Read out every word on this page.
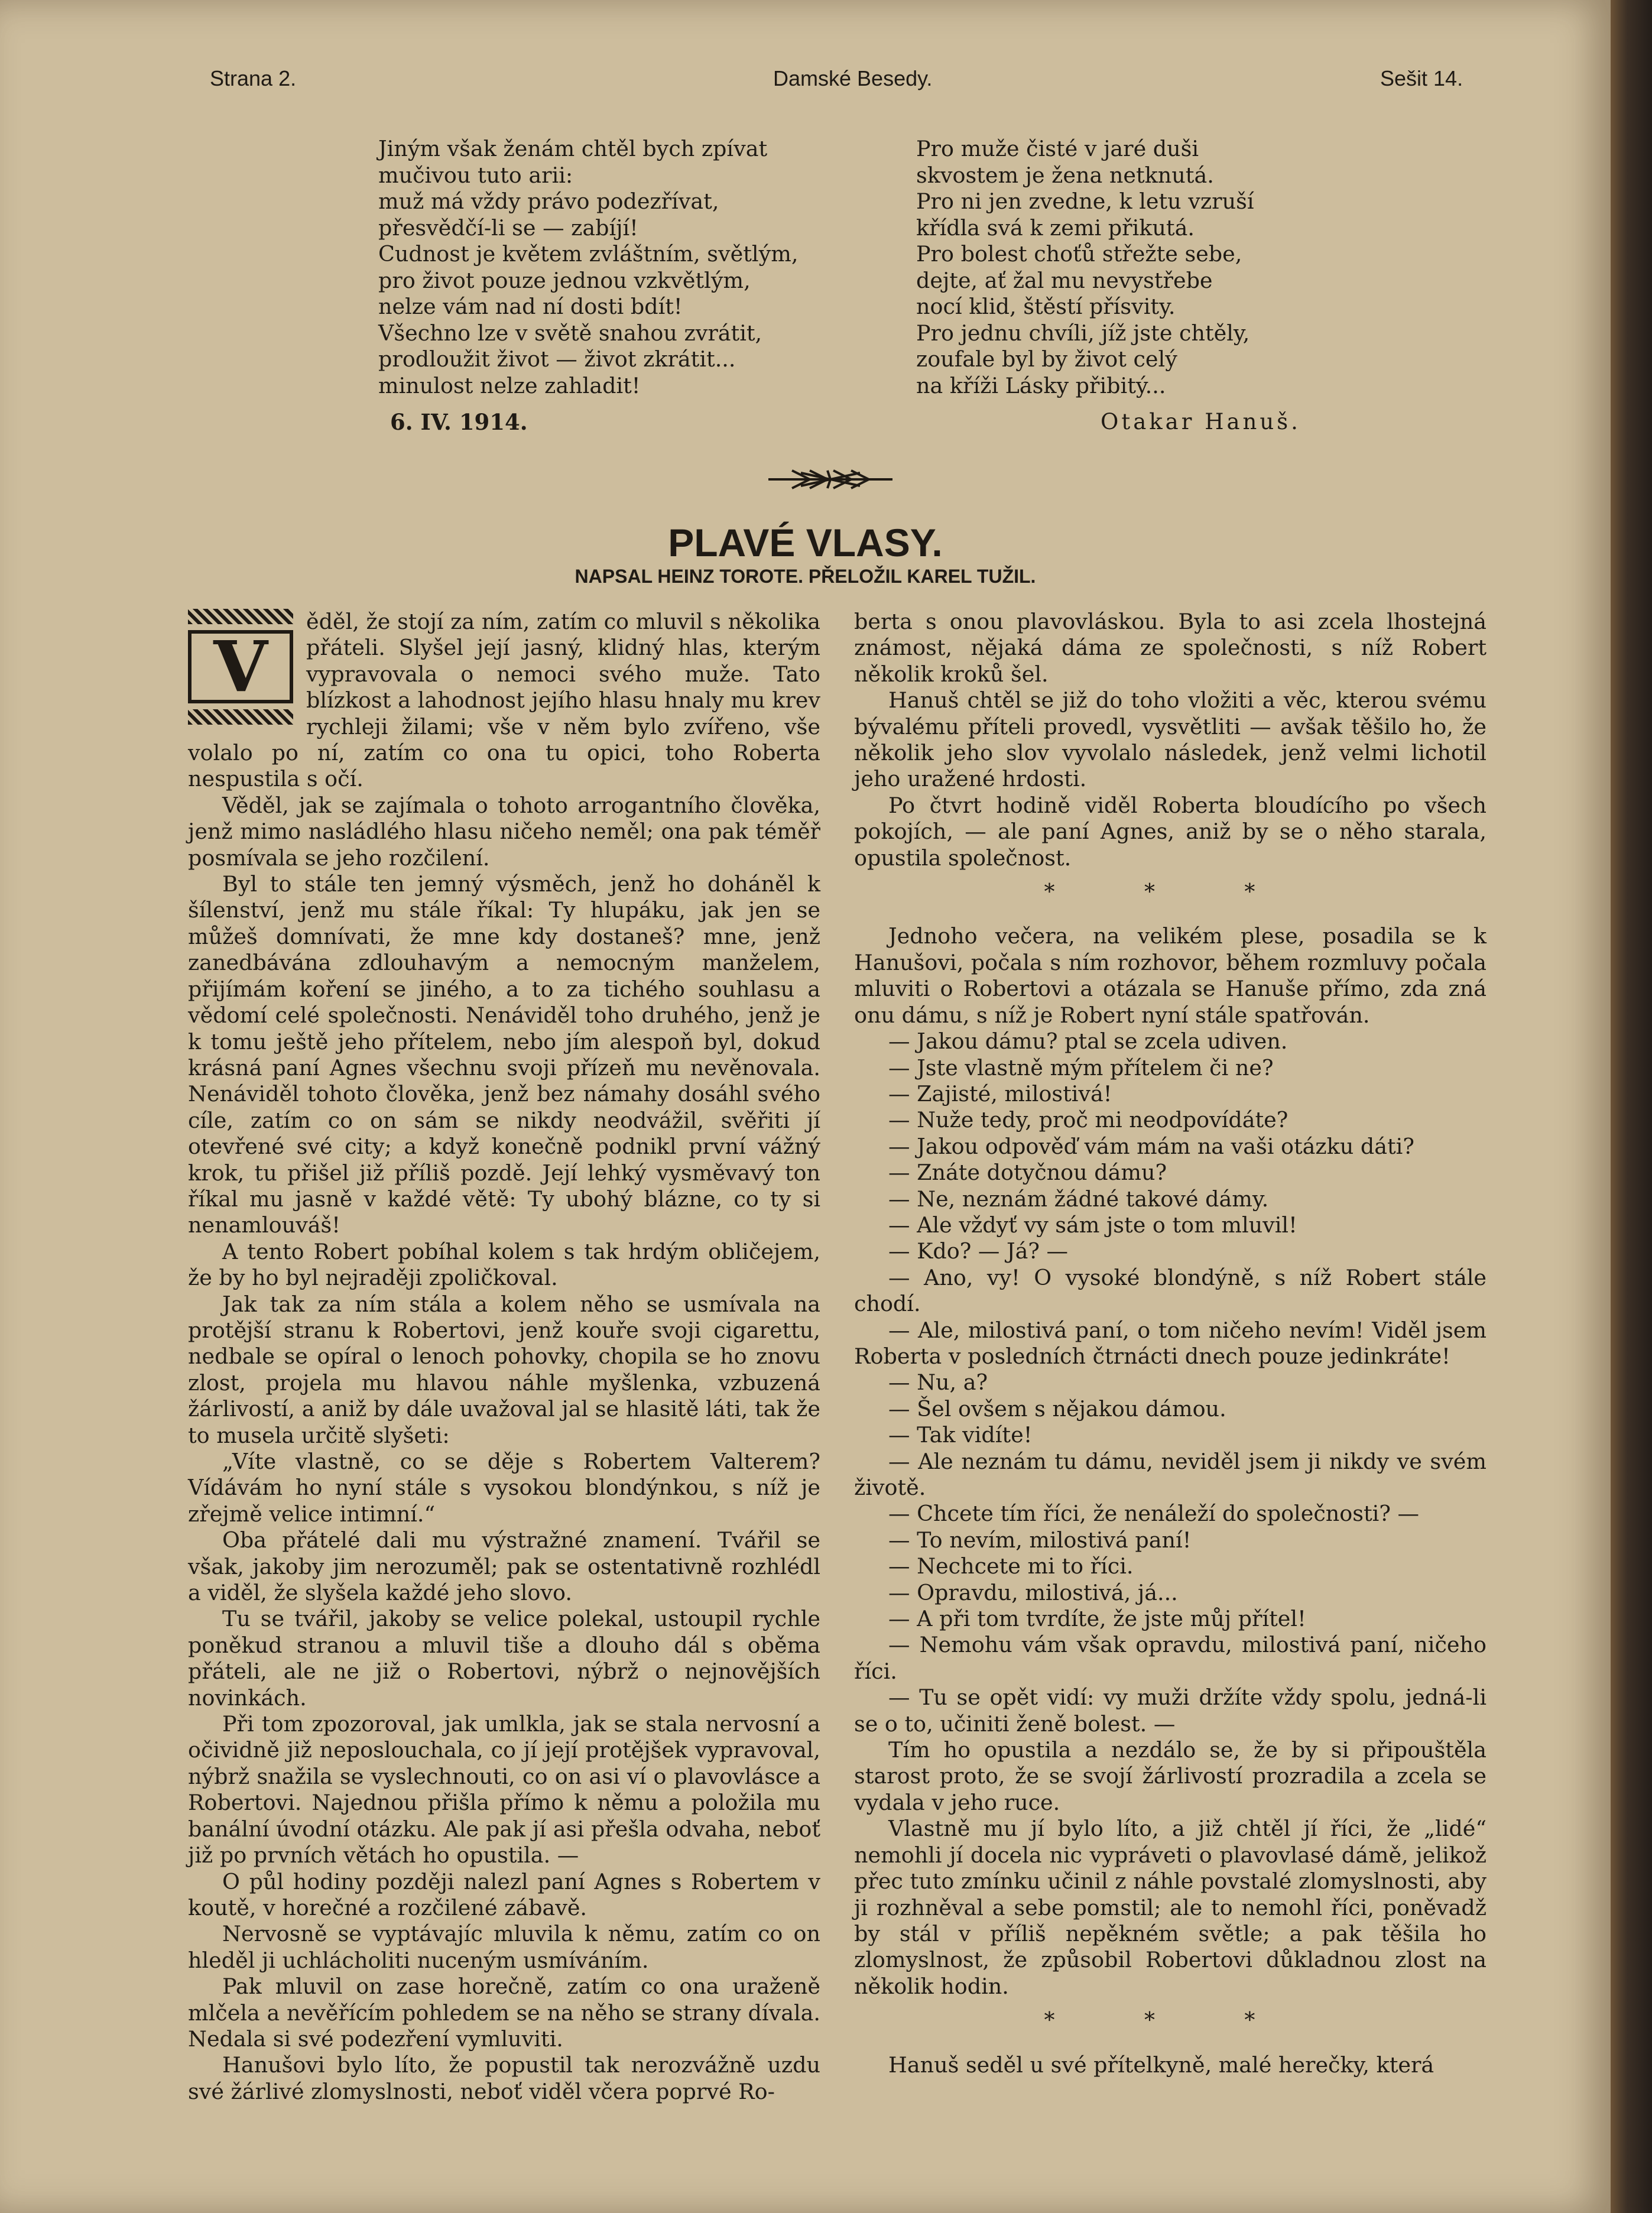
Strana 2.	Damské Besedy.	Sešit 14.
Jiným však ženám chtěl bych zpívat
mučivou tuto arii:
muž má vždy právo podezřívat,
přesvědčí-li se — zabíjí!
Cudnost je květem zvláštním, světlým,
pro život pouze jednou vzkvětlým,
nelze vám nad ní dosti bdít!
Všechno lze v světě snahou zvrátit,
prodloužit život — život zkrátit...
minulost nelze zahladit!
Pro muže čisté v jaré duši
skvostem je žena netknutá.
Pro ni jen zvedne, k letu vzruší
křídla svá k zemi přikutá.
Pro bolest choťů střežte sebe,
dejte, ať žal mu nevystřebe
nocí klid, štěstí přísvity.
Pro jednu chvíli, jíž jste chtěly,
zoufale byl by život celý
na kříži Lásky přibitý...
6. IV. 1914.	Otakar Hanuš.
PLAVÉ VLASY.
NAPSAL HEINZ TOROTE. PŘELOŽIL KAREL TUŽIL.
V

ěděl, že stojí za ním, zatím co mluvil s několika přáteli. Slyšel její jasný, klidný hlas, kterým vypravovala o nemoci svého muže. Tato blízkost a lahodnost jejího hlasu hnaly mu krev rychleji žilami; vše v něm bylo zvířeno, vše volalo po ní, zatím co ona tu opici, toho Roberta nespustila s očí.

Věděl, jak se zajímala o tohoto arrogantního člověka, jenž mimo nasládlého hlasu ničeho neměl; ona pak téměř posmívala se jeho rozčilení.

Byl to stále ten jemný výsměch, jenž ho doháněl k šílenství, jenž mu stále říkal: Ty hlupáku, jak jen se můžeš domnívati, že mne kdy dostaneš? mne, jenž zanedbávána zdlouhavým a nemocným manželem, přijímám koření se jiného, a to za tichého souhlasu a vědomí celé společnosti. Nenáviděl toho druhého, jenž je k tomu ještě jeho přítelem, nebo jím alespoň byl, dokud krásná paní Agnes všechnu svoji přízeň mu nevěnovala. Nenáviděl tohoto člověka, jenž bez námahy dosáhl svého cíle, zatím co on sám se nikdy neodvážil, svěřiti jí otevřené své city; a když konečně podnikl první vážný krok, tu přišel již příliš pozdě. Její lehký vysměvavý ton říkal mu jasně v každé větě: Ty ubohý blázne, co ty si nenamlouváš!

A tento Robert pobíhal kolem s tak hrdým obličejem, že by ho byl nejraději zpoličkoval.

Jak tak za ním stála a kolem něho se usmívala na protější stranu k Robertovi, jenž kouře svoji cigarettu, nedbale se opíral o lenoch pohovky, chopila se ho znovu zlost, projela mu hlavou náhle myšlenka, vzbuzená žárlivostí, a aniž by dále uvažoval jal se hlasitě láti, tak že to musela určitě slyšeti:

„Víte vlastně, co se děje s Robertem Valterem? Vídávám ho nyní stále s vysokou blondýnkou, s níž je zřejmě velice intimní.“

Oba přátelé dali mu výstražné znamení. Tvářil se však, jakoby jim nerozuměl; pak se ostentativně rozhlédl a viděl, že slyšela každé jeho slovo.

Tu se tvářil, jakoby se velice polekal, ustoupil rychle poněkud stranou a mluvil tiše a dlouho dál s oběma přáteli, ale ne již o Robertovi, nýbrž o nejnovějších novinkách.

Při tom zpozoroval, jak umlkla, jak se stala nervosní a očividně již neposlouchala, co jí její protějšek vypravoval, nýbrž snažila se vyslechnouti, co on asi ví o plavovlásce a Robertovi. Najednou přišla přímo k němu a položila mu banální úvodní otázku. Ale pak jí asi přešla odvaha, neboť již po prvních větách ho opustila. —

O půl hodiny později nalezl paní Agnes s Robertem v koutě, v horečné a rozčilené zábavě.

Nervosně se vyptávajíc mluvila k němu, zatím co on hleděl ji uchlácholiti nuceným usmíváním.

Pak mluvil on zase horečně, zatím co ona uraženě mlčela a nevěřícím pohledem se na něho se strany dívala. Nedala si své podezření vymluviti.

Hanušovi bylo líto, že popustil tak nerozvážně uzdu své žárlivé zlomyslnosti, neboť viděl včera poprvé Ro-

berta s onou plavovláskou. Byla to asi zcela lhostejná známost, nějaká dáma ze společnosti, s níž Robert několik kroků šel.

Hanuš chtěl se již do toho vložiti a věc, kterou svému bývalému příteli provedl, vysvětliti — avšak těšilo ho, že několik jeho slov vyvolalo následek, jenž velmi lichotil jeho uražené hrdosti.

Po čtvrt hodině viděl Roberta bloudícího po všech pokojích, — ale paní Agnes, aniž by se o něho starala, opustila společnost.

* * *

Jednoho večera, na velikém plese, posadila se k Hanušovi, počala s ním rozhovor, během rozmluvy počala mluviti o Robertovi a otázala se Hanuše přímo, zda zná onu dámu, s níž je Robert nyní stále spatřován.

— Jakou dámu? ptal se zcela udiven.

— Jste vlastně mým přítelem či ne?

— Zajisté, milostivá!

— Nuže tedy, proč mi neodpovídáte?

— Jakou odpověď vám mám na vaši otázku dáti?

— Znáte dotyčnou dámu?

— Ne, neznám žádné takové dámy.

— Ale vždyť vy sám jste o tom mluvil!

— Kdo? — Já? —

— Ano, vy! O vysoké blondýně, s níž Robert stále chodí.

— Ale, milostivá paní, o tom ničeho nevím! Viděl jsem Roberta v posledních čtrnácti dnech pouze jedinkráte!

— Nu, a?

— Šel ovšem s nějakou dámou.

— Tak vidíte!

— Ale neznám tu dámu, neviděl jsem ji nikdy ve svém životě.

— Chcete tím říci, že nenáleží do společnosti? —

— To nevím, milostivá paní!

— Nechcete mi to říci.

— Opravdu, milostivá, já...

— A při tom tvrdíte, že jste můj přítel!

— Nemohu vám však opravdu, milostivá paní, ničeho říci.

— Tu se opět vidí: vy muži držíte vždy spolu, jedná-li se o to, učiniti ženě bolest. —

Tím ho opustila a nezdálo se, že by si připouštěla starost proto, že se svojí žárlivostí prozradila a zcela se vydala v jeho ruce.

Vlastně mu jí bylo líto, a již chtěl jí říci, že „lidé“ nemohli jí docela nic vypráveti o plavovlasé dámě, jelikož přec tuto zmínku učinil z náhle povstalé zlomyslnosti, aby ji rozhněval a sebe pomstil; ale to nemohl říci, poněvadž by stál v příliš nepěkném světle; a pak těšila ho zlomyslnost, že způsobil Robertovi důkladnou zlost na několik hodin.

* * *

Hanuš seděl u své přítelkyně, malé herečky, která
